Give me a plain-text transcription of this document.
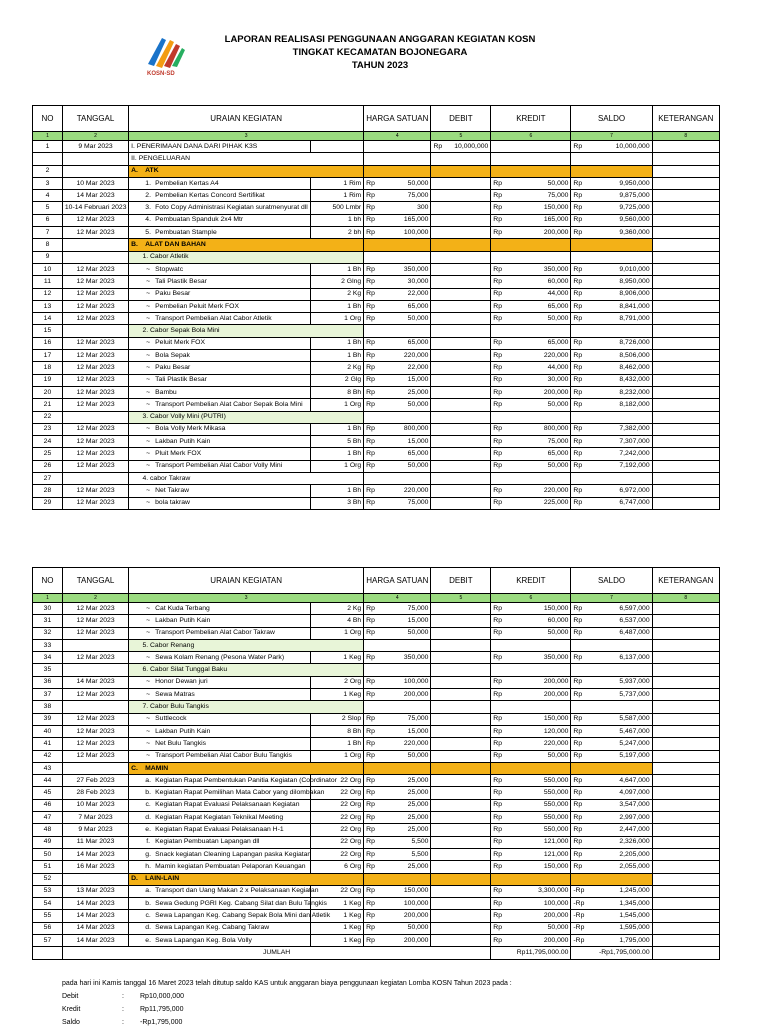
KOSN-SD
LAPORAN REALISASI PENGGUNAAN ANGGARAN KEGIATAN KOSN
TINGKAT KECAMATAN BOJONEGARA
TAHUN 2023
NO	TANGGAL	URAIAN KEGIATAN		HARGA SATUAN	DEBIT	KREDIT	SALDO	KETERANGAN
1	2	3		4	5	6	7	8
1	9 Mar 2023	I. PENERIMAAN DANA DARI PIHAK K3S			Rp 10,000,000		Rp 10,000,000	

		II. PENGELUARAN						
2		A. ATK						
3	10 Mar 2023	1. Pembelian Kertas A4	1 Rim	Rp 50,000		Rp 50,000	Rp 9,950,000	

4	14 Mar 2023	2. Pembelian Kertas Concord Sertifikat	1 Rim	Rp 75,000		Rp 75,000	Rp 9,875,000	

5	10-14 Februari 2023	3. Foto Copy Administrasi Kegiatan suratmenyurat dll	500 Lmbr	Rp 300		Rp 150,000	Rp 9,725,000	

6	12 Mar 2023	4. Pembuatan Spanduk 2x4 Mtr	1 bh	Rp 165,000		Rp 165,000	Rp 9,560,000	

7	12 Mar 2023	5. Pembuatan Stample	2 bh	Rp 100,000		Rp 200,000	Rp 9,360,000	

8		B. ALAT DAN BAHAN						
9		1. Cabor Atletik						
10	12 Mar 2023	~ Stopwatc	1 Bh	Rp 350,000		Rp 350,000	Rp 9,010,000	

11	12 Mar 2023	~ Tali Plastik Besar	2 Glng	Rp 30,000		Rp 60,000	Rp 8,950,000	

12	12 Mar 2023	~ Paku Besar	2 Kg	Rp 22,000		Rp 44,000	Rp 8,906,000	

13	12 Mar 2023	~ Pembelian Peluit Merk FOX	1 Bh	Rp 65,000		Rp 65,000	Rp 8,841,000	

14	12 Mar 2023	~ Transport Pembelian Alat Cabor Atletik	1 Org	Rp 50,000		Rp 50,000	Rp 8,791,000	

15		2. Cabor Sepak Bola Mini						
16	12 Mar 2023	~ Peluit Merk FOX	1 Bh	Rp 65,000		Rp 65,000	Rp 8,726,000	

17	12 Mar 2023	~ Bola Sepak	1 Bh	Rp 220,000		Rp 220,000	Rp 8,506,000	

18	12 Mar 2023	~ Paku Besar	2 Kg	Rp 22,000		Rp 44,000	Rp 8,462,000	

19	12 Mar 2023	~ Tali Plastik Besar	2 Glg	Rp 15,000		Rp 30,000	Rp 8,432,000	

20	12 Mar 2023	~ Bambu	8 Bh	Rp 25,000		Rp 200,000	Rp 8,232,000	

21	12 Mar 2023	~ Transport Pembelian Alat Cabor Sepak Bola Mini	1 Org	Rp 50,000		Rp 50,000	Rp 8,182,000	

22		3. Cabor Volly Mini (PUTRI)						
23	12 Mar 2023	~ Bola Volly Merk Mikasa	1 Bh	Rp 800,000		Rp 800,000	Rp 7,382,000	

24	12 Mar 2023	~ Lakban Putih Kain	5 Bh	Rp 15,000		Rp 75,000	Rp 7,307,000	

25	12 Mar 2023	~ Pluit Merk FOX	1 Bh	Rp 65,000		Rp 65,000	Rp 7,242,000	

26	12 Mar 2023	~ Transport Pembelian Alat Cabor Volly Mini	1 Org	Rp 50,000		Rp 50,000	Rp 7,192,000	

27		4. cabor Takraw						
28	12 Mar 2023	~ Net Takraw	1 Bh	Rp 220,000		Rp 220,000	Rp 6,972,000	

29	12 Mar 2023	~ bola takraw	3 Bh	Rp 75,000		Rp 225,000	Rp 6,747,000	

NO	TANGGAL	URAIAN KEGIATAN		HARGA SATUAN	DEBIT	KREDIT	SALDO	KETERANGAN
1	2	3		4	5	6	7	8
30	12 Mar 2023	~ Cat Kuda Terbang	2 Kg	Rp 75,000		Rp 150,000	Rp 6,597,000	

31	12 Mar 2023	~ Lakban Putih Kain	4 Bh	Rp 15,000		Rp 60,000	Rp 6,537,000	

32	12 Mar 2023	~ Transport Pembelian Alat Cabor Takraw	1 Org	Rp 50,000		Rp 50,000	Rp 6,487,000	

33		5. Cabor Renang						
34	12 Mar 2023	~ Sewa Kolam Renang (Pesona Water Park)	1 Keg	Rp 350,000		Rp 350,000	Rp 6,137,000	

35		6. Cabor Silat Tunggal Baku						
36	14 Mar 2023	~ Honor Dewan juri	2 Org	Rp 100,000		Rp 200,000	Rp 5,937,000	

37	12 Mar 2023	~ Sewa Matras	1 Keg	Rp 200,000		Rp 200,000	Rp 5,737,000	

38		7. Cabor Bulu Tangkis						
39	12 Mar 2023	~ Suttlecock	2 Slop	Rp 75,000		Rp 150,000	Rp 5,587,000	

40	12 Mar 2023	~ Lakban Putih Kain	8 Bh	Rp 15,000		Rp 120,000	Rp 5,467,000	

41	12 Mar 2023	~ Net Bulu Tangkis	1 Bh	Rp 220,000		Rp 220,000	Rp 5,247,000	

42	12 Mar 2023	~ Transport Pembelian Alat Cabor Bulu Tangkis	1 Org	Rp 50,000		Rp 50,000	Rp 5,197,000	

43		C. MAMIN						
44	27 Feb 2023	a. Kegiatan Rapat Pembentukan Panitia Kegiatan (Coordinator	22 Org	Rp 25,000		Rp 550,000	Rp 4,647,000	

45	28 Feb 2023	b. Kegiatan Rapat Pemilihan Mata Cabor yang dilombakan	22 Org	Rp 25,000		Rp 550,000	Rp 4,097,000	

46	10 Mar 2023	c. Kegiatan Rapat Evaluasi Pelaksanaan Kegiatan	22 Org	Rp 25,000		Rp 550,000	Rp 3,547,000	

47	7 Mar 2023	d. Kegiatan Rapat Kegiatan Teknikal Meeting	22 Org	Rp 25,000		Rp 550,000	Rp 2,997,000	

48	9 Mar 2023	e. Kegiatan Rapat Evaluasi Pelaksanaan H-1	22 Org	Rp 25,000		Rp 550,000	Rp 2,447,000	

49	11 Mar 2023	f. Kegiatan Pembuatan Lapangan dll	22 Org	Rp 5,500		Rp 121,000	Rp 2,326,000	

50	14 Mar 2023	g. Snack kegiatan Cleaning Lapangan paska Kegiatan	22 Org	Rp 5,500		Rp 121,000	Rp 2,205,000	

51	16 Mar 2023	h. Mamin kegiatan Pembuatan Pelaporan Keuangan	6 Org	Rp 25,000		Rp 150,000	Rp 2,055,000	

52		D. LAIN-LAIN						
53	13 Mar 2023	a. Transport dan Uang Makan 2 x Pelaksanaan Kegiatan	22 Org	Rp 150,000		Rp 3,300,000	-Rp 1,245,000	

54	14 Mar 2023	b. Sewa Gedung PGRI Keg. Cabang Silat dan Bulu Tangkis	1 Keg	Rp 100,000		Rp 100,000	-Rp 1,345,000	

55	14 Mar 2023	c. Sewa Lapangan Keg. Cabang Sepak Bola Mini dan Atletik	1 Keg	Rp 200,000		Rp 200,000	-Rp 1,545,000	

56	14 Mar 2023	d. Sewa Lapangan Keg. Cabang Takraw	1 Keg	Rp 50,000		Rp 50,000	-Rp 1,595,000	

57	14 Mar 2023	e. Sewa Lapangan Keg. Bola Volly	1 Keg	Rp 200,000		Rp 200,000	-Rp 1,795,000	

	JUMLAH					Rp11,795,000.00	-Rp1,795,000.00	
pada hari ini Kamis tanggal 16 Maret 2023 telah ditutup saldo KAS untuk anggaran biaya penggunaan kegiatan Lomba KOSN Tahun 2023 pada :
Debit	: Rp10,000,000
Kredit	: Rp11,795,000
Saldo	: -Rp1,795,000
